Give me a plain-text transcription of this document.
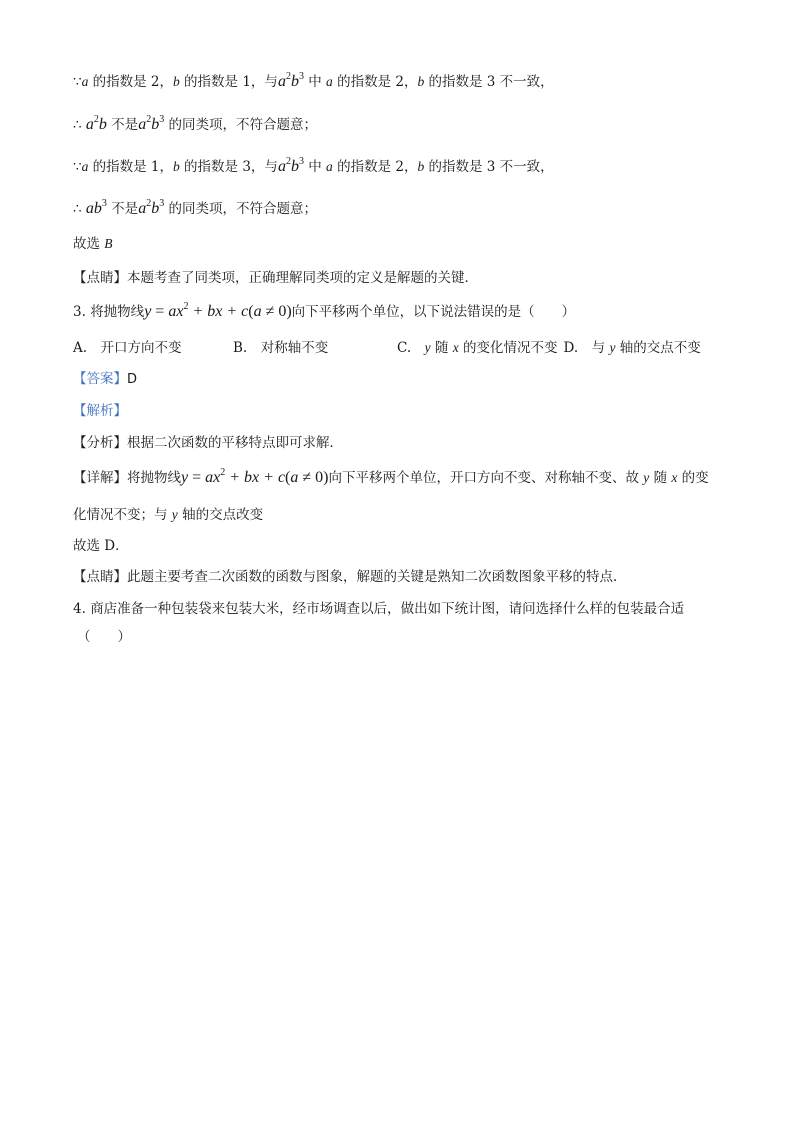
∵a 的指数是 2，b 的指数是 1，与$a^2b^3$ 中 a 的指数是 2，b 的指数是 3 不一致，
∴ $a^2b$ 不是$a^2b^3$ 的同类项，不符合题意；
∵a 的指数是 1，b 的指数是 3，与$a^2b^3$ 中 a 的指数是 2，b 的指数是 3 不一致，
∴ $ab^3$ 不是$a^2b^3$ 的同类项，不符合题意；
故选 B
【点睛】本题考查了同类项，正确理解同类项的定义是解题的关键．
3. 将抛物线$y = ax^2$ + bx + c(a ≠ 0)向下平移两个单位，以下说法错误的是（　　）
A.　开口方向不变	B.　对称轴不变	C.　y 随 x 的变化情况不变 D.　与 y 轴的交点不变
【答案】D
【解析】
【分析】根据二次函数的平移特点即可求解．
【详解】将抛物线$y = ax^2$ + bx + c(a ≠ 0)向下平移两个单位，开口方向不变、对称轴不变、故 y 随 x 的变
化情况不变；与 y 轴的交点改变
故选 D．
【点睛】此题主要考查二次函数的函数与图象，解题的关键是熟知二次函数图象平移的特点．
4. 商店准备一种包装袋来包装大米，经市场调查以后，做出如下统计图，请问选择什么样的包装最合适
（　　）
